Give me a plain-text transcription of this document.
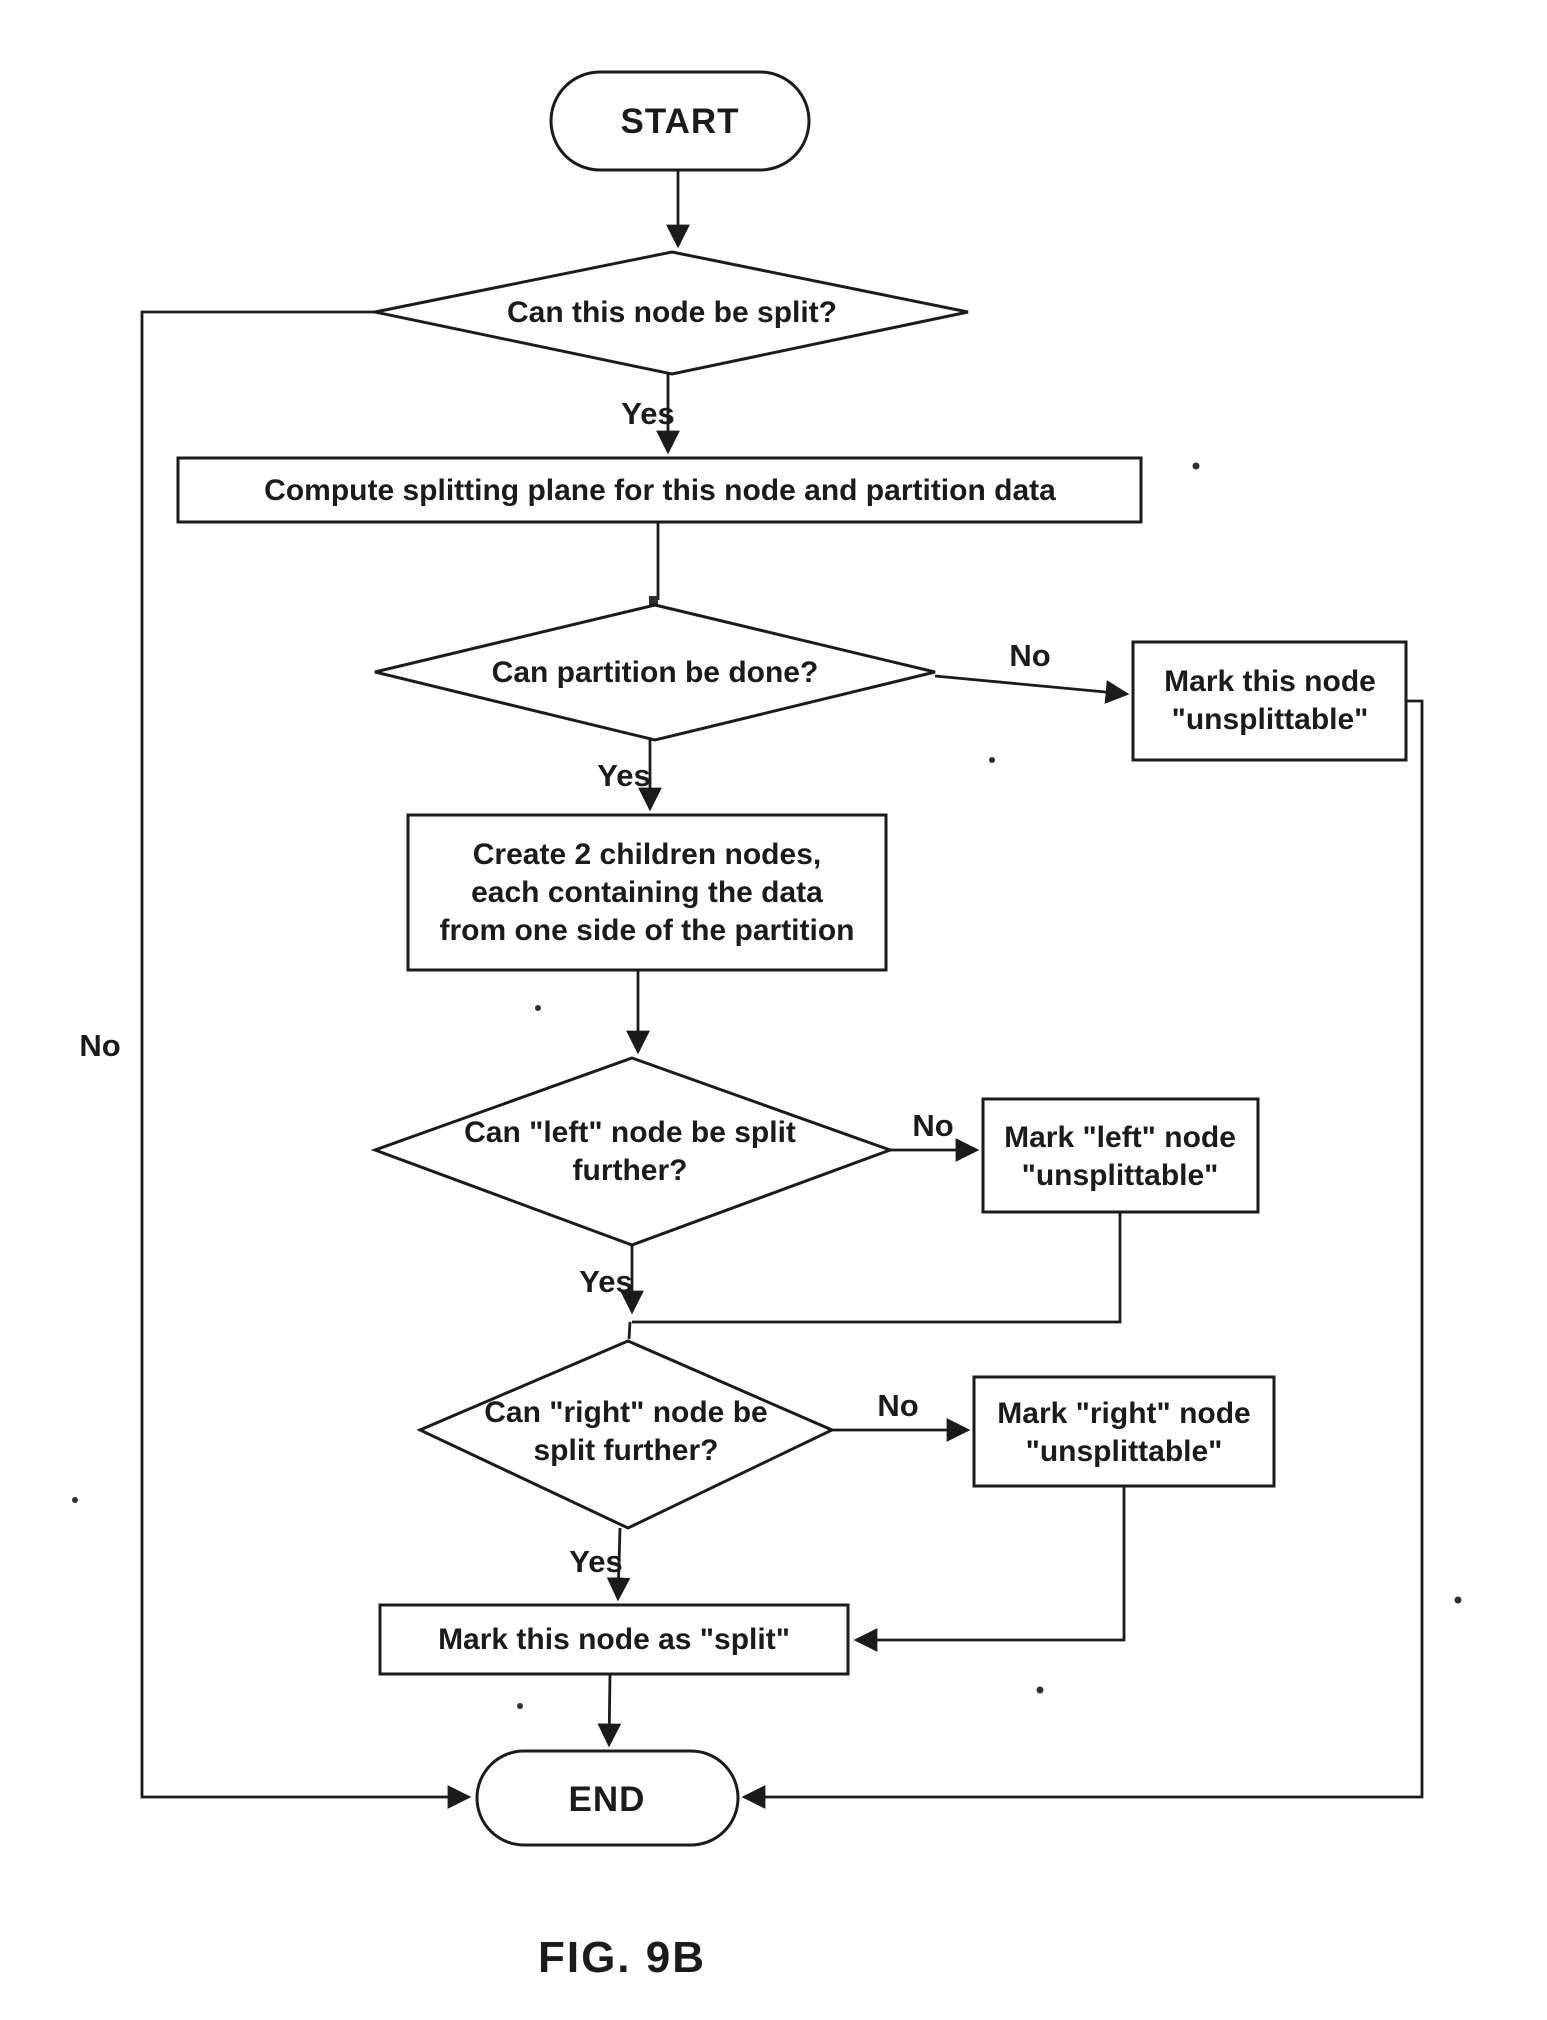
Yes
No
Yes
No
Yes
No
Yes
No
START
Can this node be split?
Compute splitting plane for this node and partition data
Can partition be done?	Mark this node
"unsplittable"
Create 2 children nodes,
each containing the data
from one side of the partition
Can "left" node be split
further?
Mark "left" node
"unsplittable"
Can "right" node be
split further?
Mark "right" node
"unsplittable"
Mark this node as "split"
END
FIG. 9B
